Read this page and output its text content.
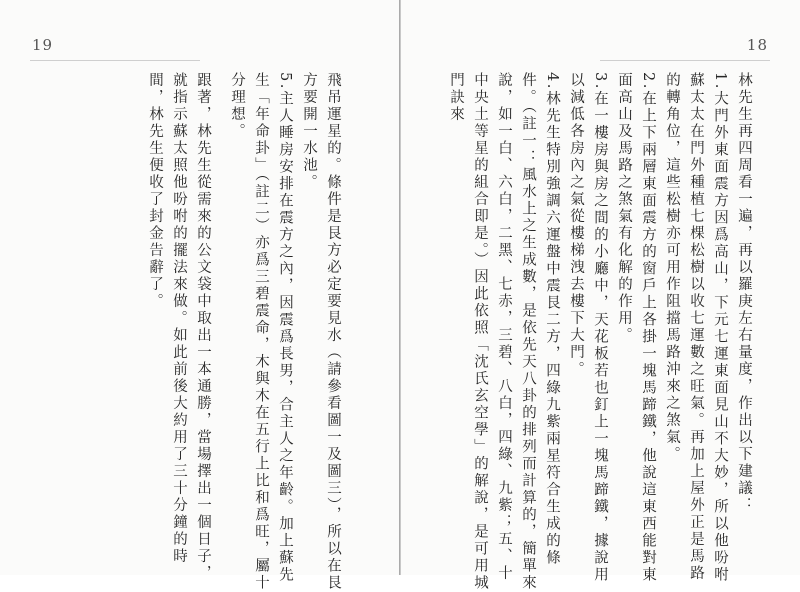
19

飛吊運星的。條件是艮方必定要見水（請參看圖一及圖三），所以在艮方要開一水池。

5.主人睡房安排在震方之內，因震爲長男，合主人之年齡。加上蘇先生「年命卦」（註二）亦爲三碧震命，木與木在五行上比和爲旺，屬十分理想。

跟著，林先生從需來的公文袋中取出一本通勝，當場擇出一個日子，就指示蘇太照他吩咐的擺法來做。如此前後大約用了三十分鐘的時間，林先生便收了封金告辭了。

18

林先生再四周看一遍，再以羅庚左右量度，作出以下建議：

1.大門外東面震方因爲高山，下元七運東面見山不大妙，所以他吩咐蘇太太在門外種植七棵松樹以收七運數之旺氣。再加上屋外正是馬路的轉角位，這些松樹亦可用作阻擋馬路沖來之煞氣。

2.在上下兩層東面震方的窗戶上各掛一塊馬蹄鐵，他說這東西能對東面高山及馬路之煞氣有化解的作用。

3.在一樓房與房之間的小廳中，天花板若也釘上一塊馬蹄鐵，據說用以減低各房內之氣從樓梯洩去樓下大門。

4.林先生特別強調六運盤中震艮二方，四綠九紫兩星符合生成的條件。（註一：風水上之生成數，是依先天八卦的排列而計算的，簡單來說，如一白、六白，二黑、七赤，三碧、八白，四綠、九紫；五、十中央土等星的組合即是。）因此依照「沈氏玄空學」的解說，是可用城門訣來
